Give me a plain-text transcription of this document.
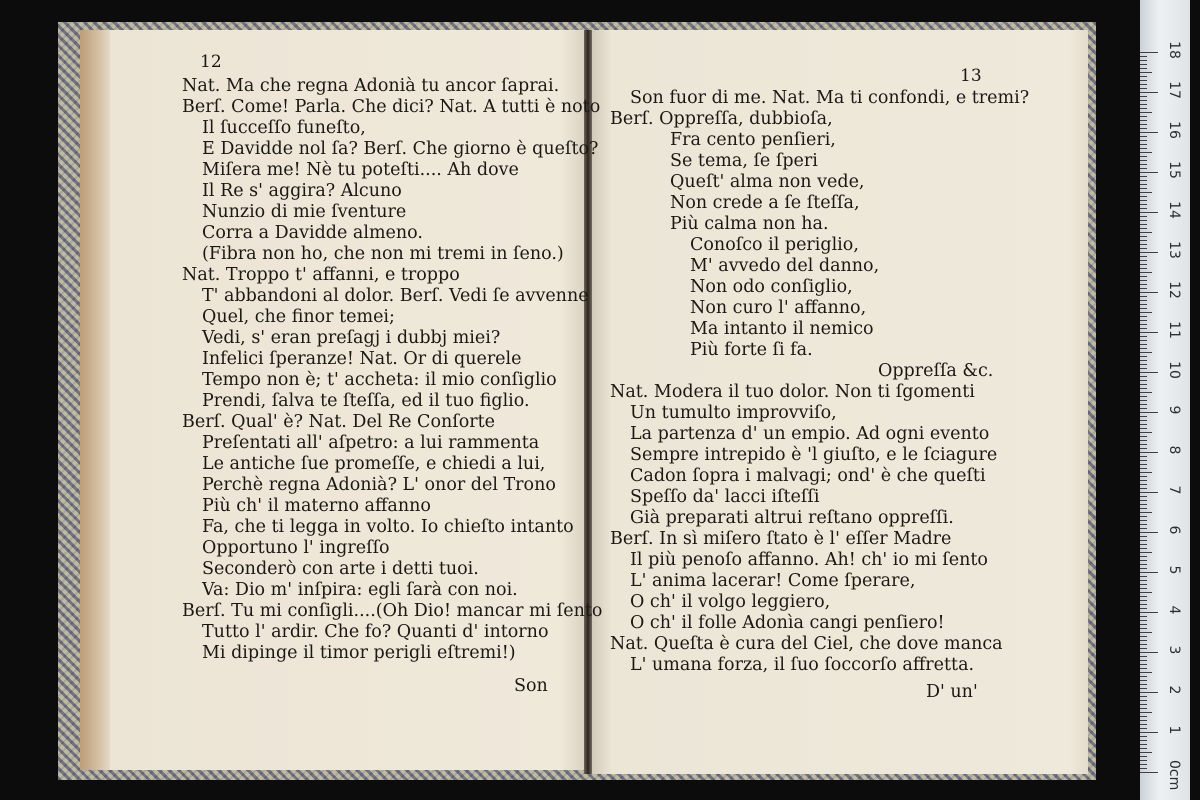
12
13
Nat. Ma che regna Adonià tu ancor ſaprai.
Berſ. Come! Parla. Che dici? Nat. A tutti è noto
Il ſucceſſo funeſto,
E Davidde nol ſa? Berſ. Che giorno è queſto?
Miſera me! Nè tu poteſti.... Ah dove
Il Re s' aggira? Alcuno
Nunzio di mie ſventure
Corra a Davidde almeno.
(Fibra non ho, che non mi tremi in ſeno.)
Nat. Troppo t' affanni, e troppo
T' abbandoni al dolor. Berſ. Vedi ſe avvenne
Quel, che finor temei;
Vedi, s' eran preſagj i dubbj miei?
Infelici ſperanze! Nat. Or di querele
Tempo non è; t' accheta: il mio conſiglio
Prendi, ſalva te ſteſſa, ed il tuo figlio.
Berſ. Qual' è? Nat. Del Re Conſorte
Preſentati all' aſpetro: a lui rammenta
Le antiche ſue promeſſe, e chiedi a lui,
Perchè regna Adonià? L' onor del Trono
Più ch' il materno affanno
Fa, che ti legga in volto. Io chieſto intanto
Opportuno l' ingreſſo
Seconderò con arte i detti tuoi.
Va: Dio m' inſpira: egli ſarà con noi.
Berſ. Tu mi conſigli....(Oh Dio! mancar mi ſento
Tutto l' ardir. Che fo? Quanti d' intorno
Mi dipinge il timor perigli eſtremi!)
Son fuor di me. Nat. Ma ti confondi, e tremi?
Berſ. Oppreſſa, dubbioſa,
Fra cento penſieri,
Se tema, ſe ſperi
Queſt' alma non vede,
Non crede a ſe ſteſſa,
Più calma non ha.
Conoſco il periglio,
M' avvedo del danno,
Non odo conſiglio,
Non curo l' affanno,
Ma intanto il nemico
Più forte ſi fa.
Oppreſſa &c.
Nat. Modera il tuo dolor. Non ti ſgomenti
Un tumulto improvviſo,
La partenza d' un empio. Ad ogni evento
Sempre intrepido è 'l giuſto, e le ſciagure
Cadon ſopra i malvagi; ond' è che queſti
Speſſo da' lacci iſteſſi
Già preparati altrui reſtano oppreſſi.
Berſ. In sì miſero ſtato è l' eſſer Madre
Il più penoſo affanno. Ah! ch' io mi ſento
L' anima lacerar! Come ſperare,
O ch' il volgo leggiero,
O ch' il folle Adonìa cangi penſiero!
Nat. Queſta è cura del Ciel, che dove manca
L' umana forza, il ſuo ſoccorſo affretta.
Son	D' un'
0cm
1
2
3
4
5
6
7
8
9
10
11
12
13
14
15
16
17
18
